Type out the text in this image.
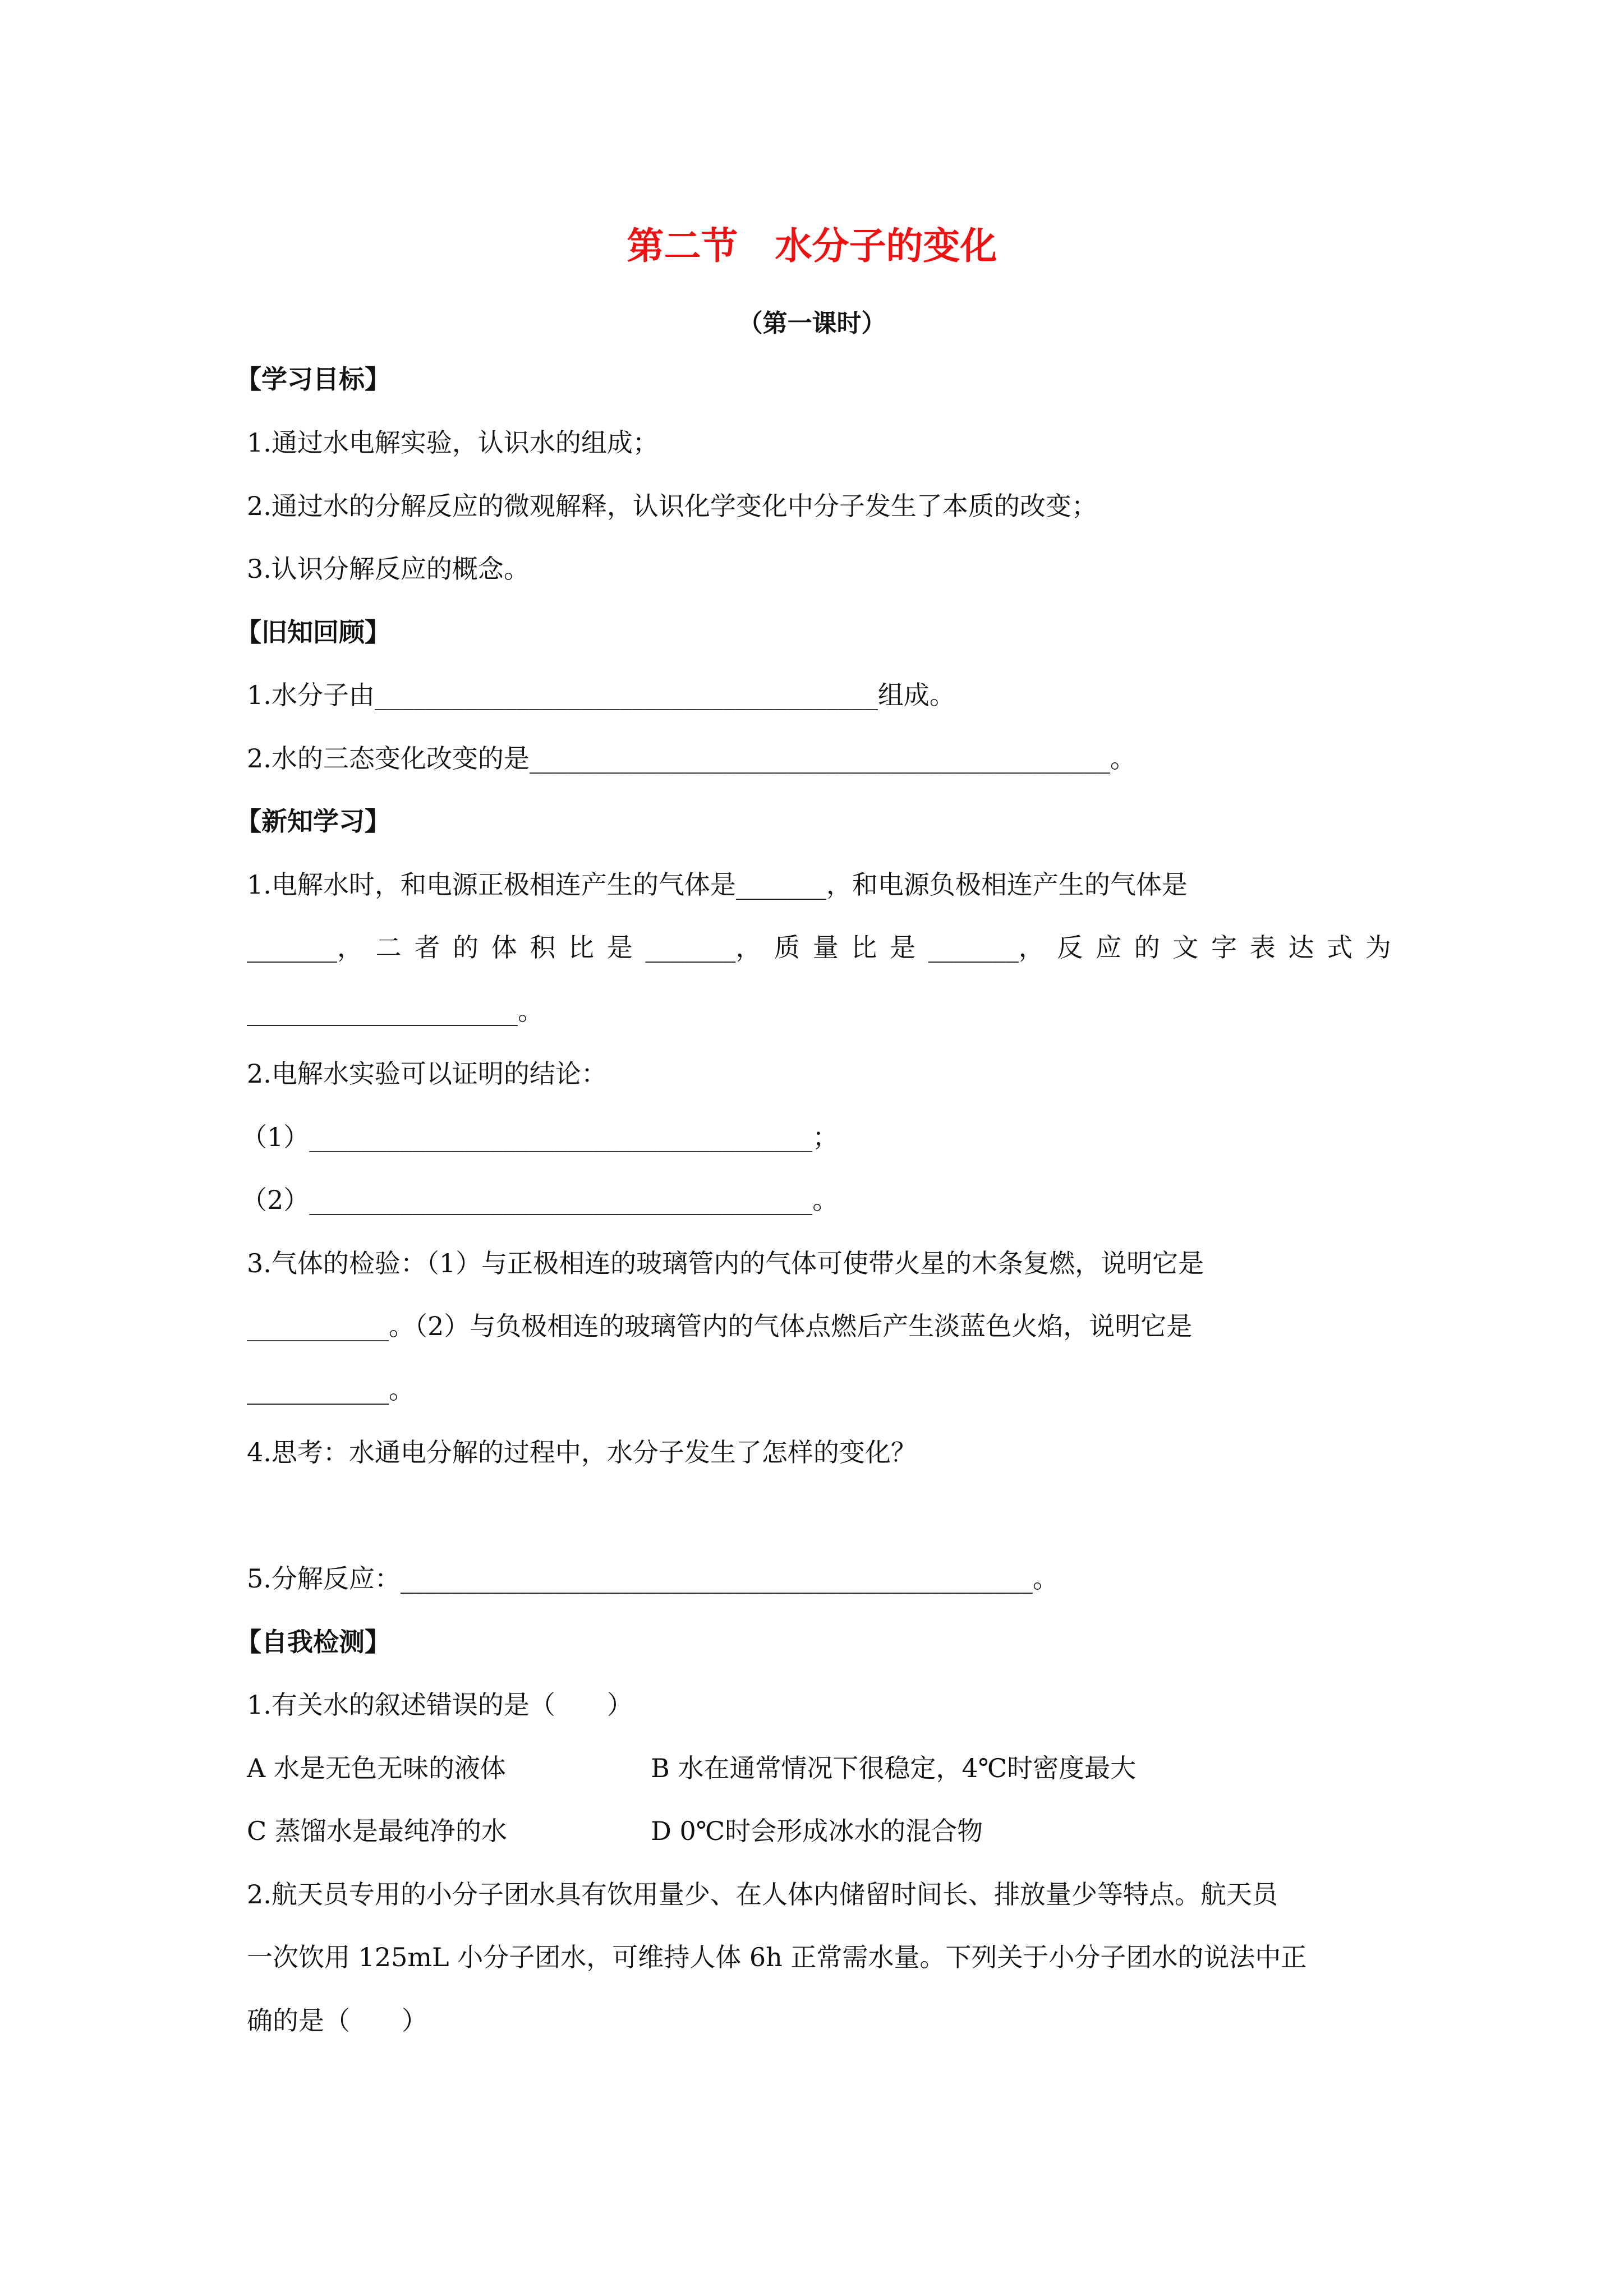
第二节　水分子的变化
（第一课时）
【学习目标】
1.通过水电解实验，认识水的组成；
2.通过水的分解反应的微观解释，认识化学变化中分子发生了本质的改变；
3.认识分解反应的概念。
【旧知回顾】
1.水分子由_______________________________________组成。
2.水的三态变化改变的是_____________________________________________。
【新知学习】
1.电解水时，和电源正极相连产生的气体是_______，和电源负极相连产生的气体是
_______， 二 者 的 体 积 比 是 _______， 质 量 比 是 _______， 反 应 的 文 字 表 达 式 为
_____________________。
2.电解水实验可以证明的结论：
（1）_______________________________________；
（2）_______________________________________。
3.气体的检验：（1）与正极相连的玻璃管内的气体可使带火星的木条复燃，说明它是
___________。（2）与负极相连的玻璃管内的气体点燃后产生淡蓝色火焰，说明它是
___________。
4.思考：水通电分解的过程中，水分子发生了怎样的变化？
5.分解反应：_________________________________________________。
【自我检测】
1.有关水的叙述错误的是（　　）
A 水是无色无味的液体	B 水在通常情况下很稳定，4℃时密度最大
C 蒸馏水是最纯净的水	D 0℃时会形成冰水的混合物
2.航天员专用的小分子团水具有饮用量少、在人体内储留时间长、排放量少等特点。航天员
一次饮用 125mL 小分子团水，可维持人体 6h 正常需水量。下列关于小分子团水的说法中正
确的是（　　）
